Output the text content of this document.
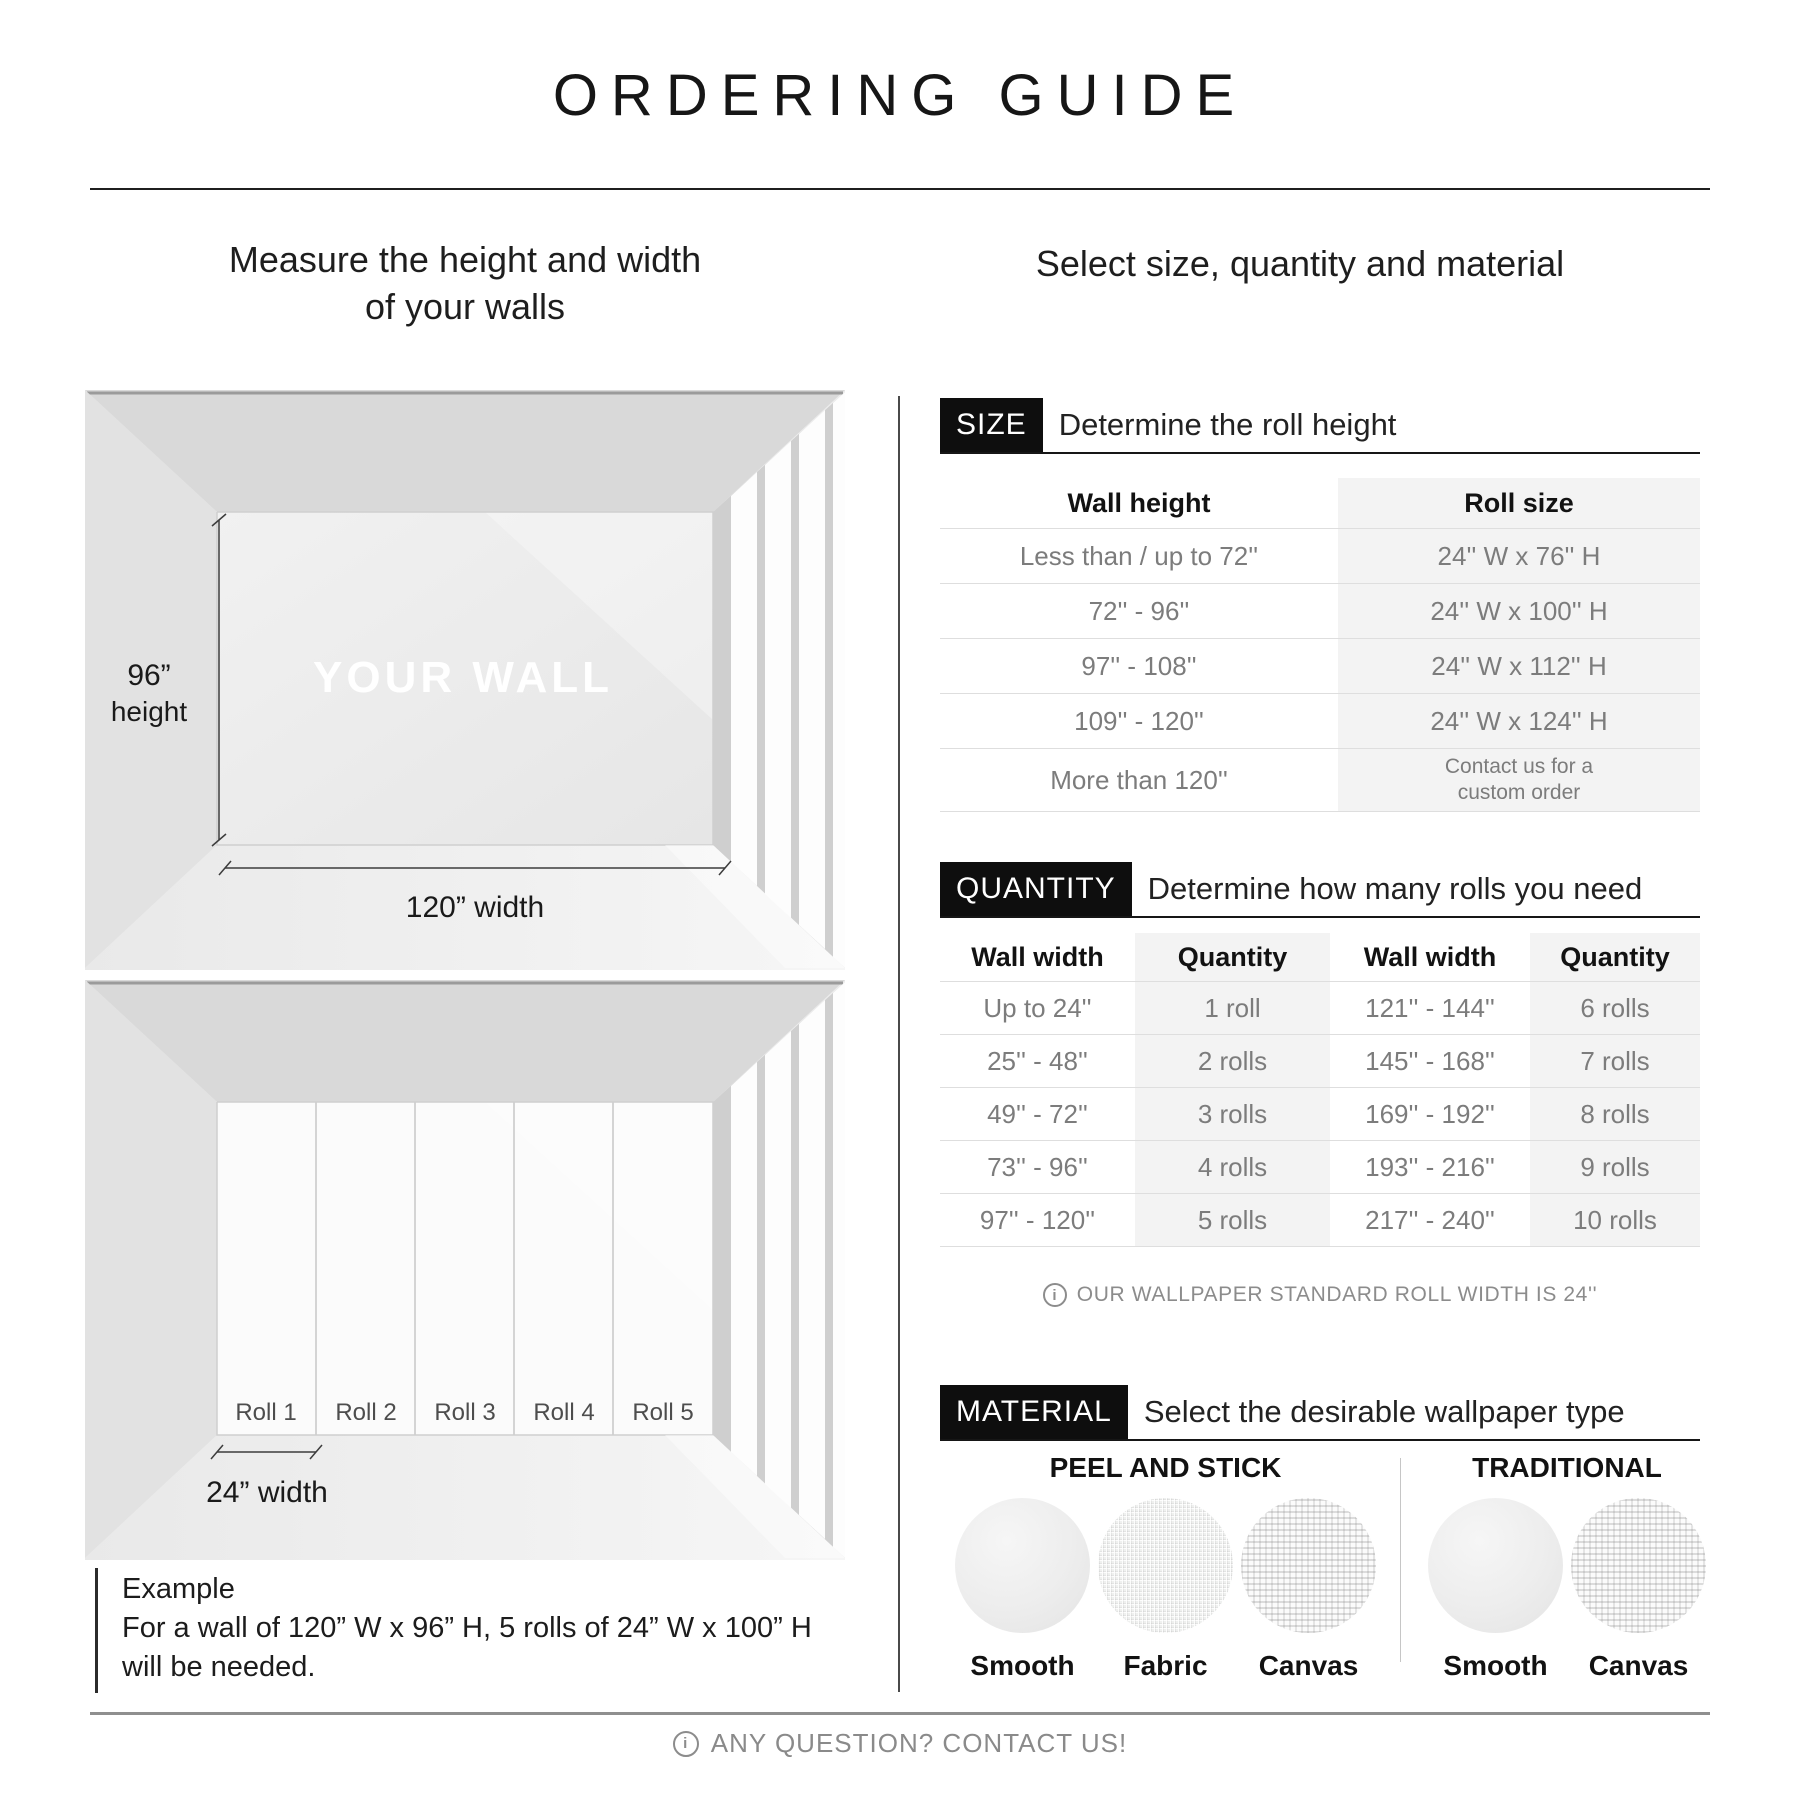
ORDERING GUIDE
Measure the height and width
of your walls
96”
height
YOUR WALL
120” width
Roll 1 Roll 2 Roll 3 Roll 4 Roll 5
24” width
Example
For a wall of 120” W x 96” H, 5 rolls of 24” W x 100” H
will be needed.
Select size, quantity and material
SIZE	Determine the roll height
Wall height	Roll size
Less than / up to 72''	24'' W x 76'' H
72'' - 96''	24'' W x 100'' H
97'' - 108''	24'' W x 112'' H
109'' - 120''	24'' W x 124'' H
More than 120''	Contact us for a custom order
QUANTITY	Determine how many rolls you need
Wall width	Quantity	Wall width	Quantity
Up to 24''	1 roll	121'' - 144''	6 rolls
25'' - 48''	2 rolls	145'' - 168''	7 rolls
49'' - 72''	3 rolls	169'' - 192''	8 rolls
73'' - 96''	4 rolls	193'' - 216''	9 rolls
97'' - 120''	5 rolls	217'' - 240''	10 rolls
i OUR WALLPAPER STANDARD ROLL WIDTH IS 24''
MATERIAL	Select the desirable wallpaper type
PEEL AND STICK	TRADITIONAL
Smooth	Fabric	Canvas	Smooth	Canvas
i ANY QUESTION? CONTACT US!
